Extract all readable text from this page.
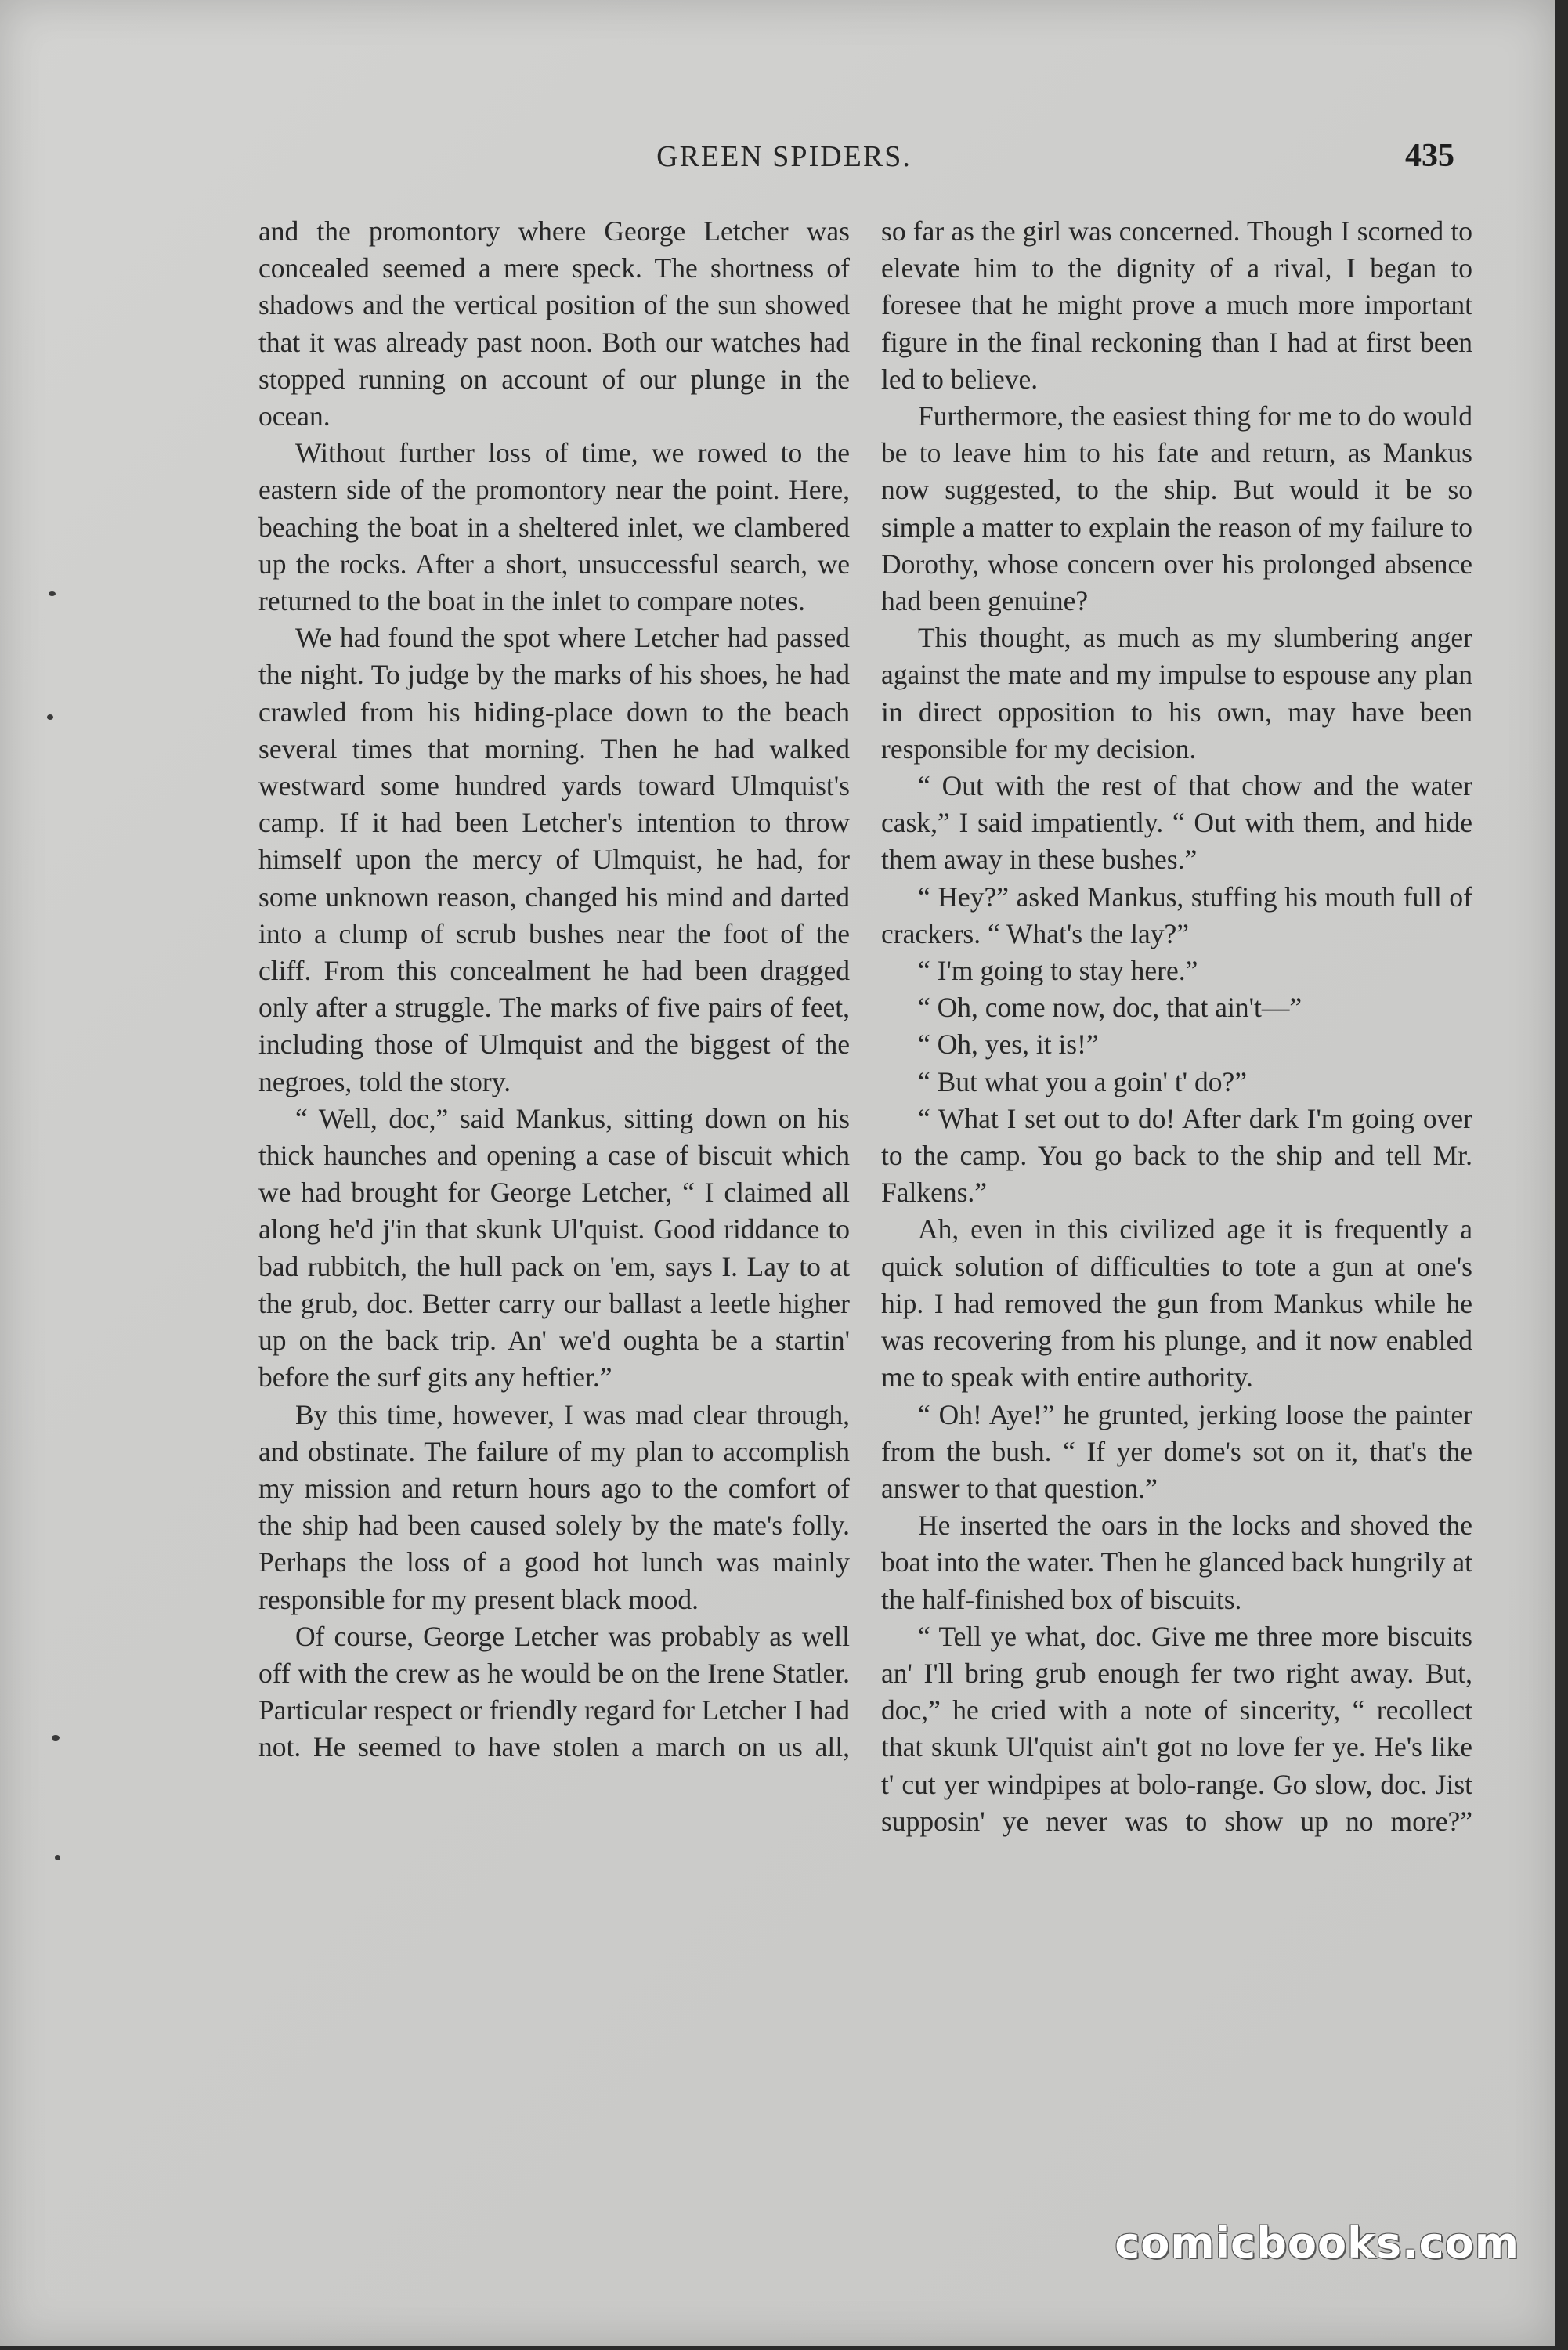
GREEN SPIDERS.	435

and the promontory where George Letcher was concealed seemed a mere speck. The shortness of shadows and the vertical position of the sun showed that it was already past noon. Both our watches had stopped running on account of our plunge in the ocean.

Without further loss of time, we rowed to the eastern side of the promontory near the point. Here, beaching the boat in a sheltered inlet, we clambered up the rocks. After a short, unsuccessful search, we returned to the boat in the inlet to compare notes.

We had found the spot where Letcher had passed the night. To judge by the marks of his shoes, he had crawled from his hiding-place down to the beach several times that morning. Then he had walked westward some hundred yards toward Ulmquist's camp. If it had been Letcher's intention to throw himself upon the mercy of Ulmquist, he had, for some unknown reason, changed his mind and darted into a clump of scrub bushes near the foot of the cliff. From this concealment he had been dragged only after a struggle. The marks of five pairs of feet, including those of Ulmquist and the biggest of the negroes, told the story.

“ Well, doc,” said Mankus, sitting down on his thick haunches and opening a case of biscuit which we had brought for George Letcher, “ I claimed all along he'd j'in that skunk Ul'quist. Good riddance to bad rubbitch, the hull pack on 'em, says I. Lay to at the grub, doc. Better carry our ballast a leetle higher up on the back trip. An' we'd oughta be a startin' before the surf gits any heftier.”

By this time, however, I was mad clear through, and obstinate. The failure of my plan to accomplish my mission and return hours ago to the comfort of the ship had been caused solely by the mate's folly. Perhaps the loss of a good hot lunch was mainly responsible for my present black mood.

Of course, George Letcher was probably as well off with the crew as he would be on the Irene Statler. Particular respect or friendly regard for Letcher I had not. He seemed to have stolen a march on us all,

so far as the girl was concerned. Though I scorned to elevate him to the dignity of a rival, I began to foresee that he might prove a much more important figure in the final reckoning than I had at first been led to believe.

Furthermore, the easiest thing for me to do would be to leave him to his fate and return, as Mankus now suggested, to the ship. But would it be so simple a matter to explain the reason of my failure to Dorothy, whose concern over his prolonged absence had been genuine?

This thought, as much as my slumbering anger against the mate and my impulse to espouse any plan in direct opposition to his own, may have been responsible for my decision.

“ Out with the rest of that chow and the water cask,” I said impatiently. “ Out with them, and hide them away in these bushes.”

“ Hey?” asked Mankus, stuffing his mouth full of crackers. “ What's the lay?”

“ I'm going to stay here.”

“ Oh, come now, doc, that ain't—”

“ Oh, yes, it is!”

“ But what you a goin' t' do?”

“ What I set out to do! After dark I'm going over to the camp. You go back to the ship and tell Mr. Falkens.”

Ah, even in this civilized age it is frequently a quick solution of difficulties to tote a gun at one's hip. I had removed the gun from Mankus while he was recovering from his plunge, and it now enabled me to speak with entire authority.

“ Oh! Aye!” he grunted, jerking loose the painter from the bush. “ If yer dome's sot on it, that's the answer to that question.”

He inserted the oars in the locks and shoved the boat into the water. Then he glanced back hungrily at the half-finished box of biscuits.

“ Tell ye what, doc. Give me three more biscuits an' I'll bring grub enough fer two right away. But, doc,” he cried with a note of sincerity, “ recollect that skunk Ul'quist ain't got no love fer ye. He's like t' cut yer windpipes at bolo-range. Go slow, doc. Jist supposin' ye never was to show up no more?”

comicbooks.com
